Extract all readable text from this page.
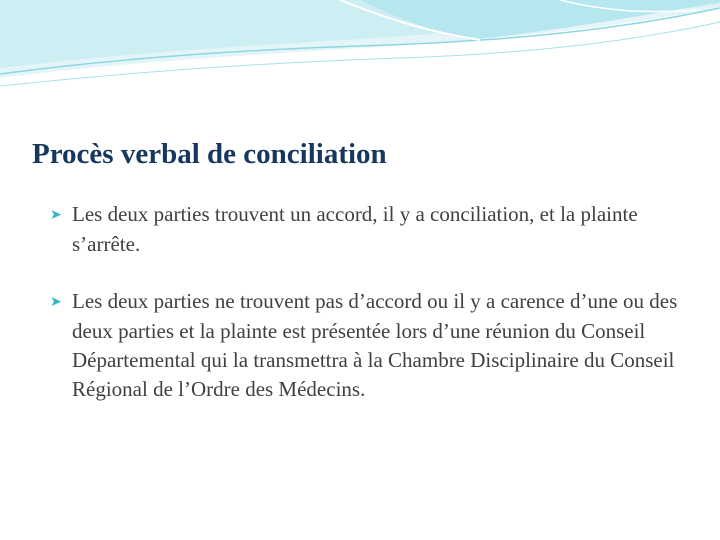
Procès verbal de conciliation

➤ Les deux parties trouvent un accord, il y a conciliation, et la plainte s’arrête.

➤ Les deux parties ne trouvent pas d’accord ou il y a carence d’une ou des deux parties et la plainte est présentée lors d’une réunion du Conseil Départemental qui la transmettra à la Chambre Disciplinaire du Conseil Régional de l’Ordre des Médecins.
